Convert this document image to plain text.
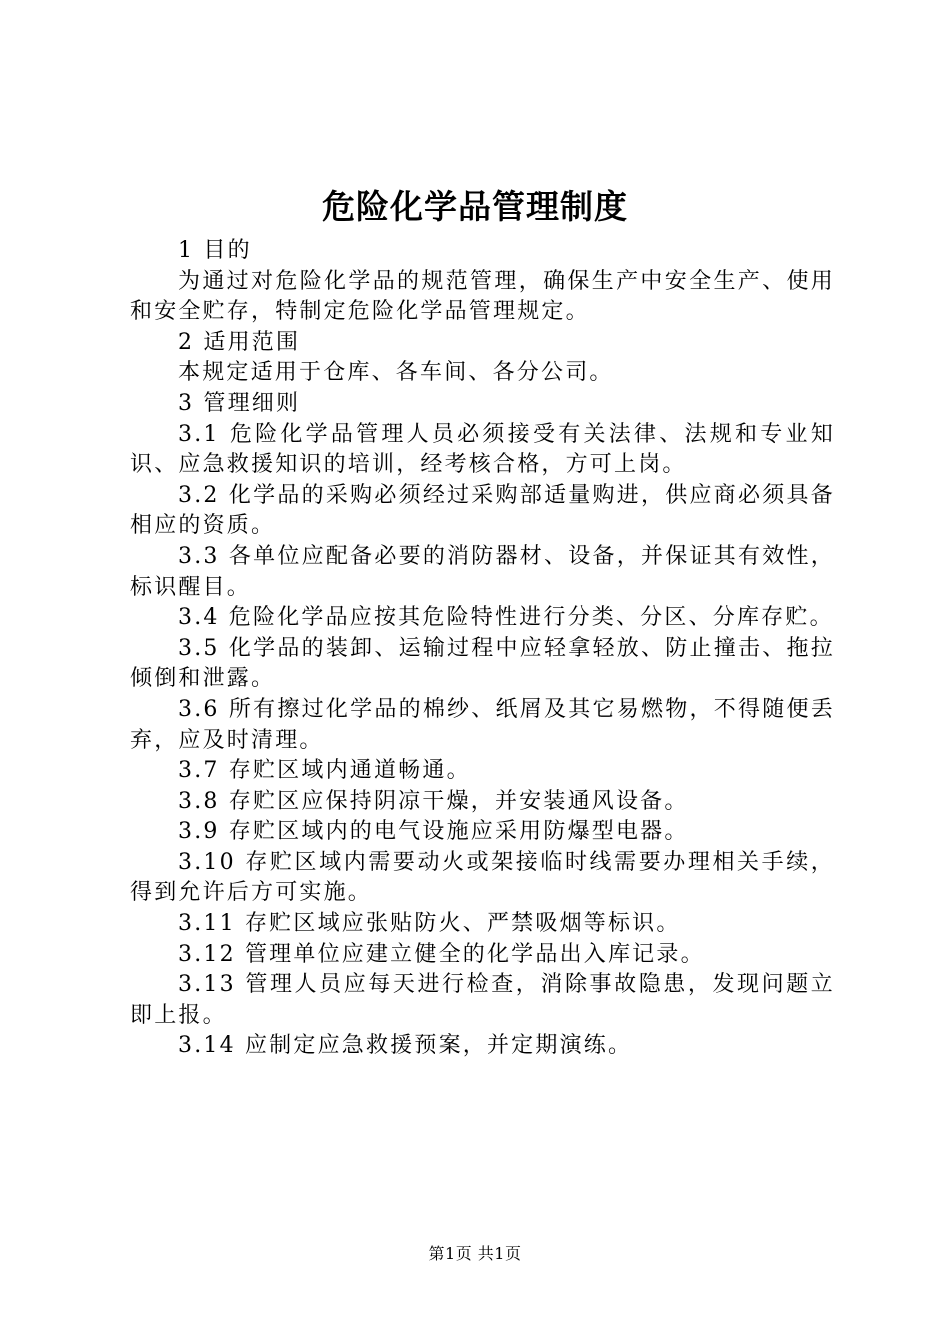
危险化学品管理制度

1 目的

为通过对危险化学品的规范管理，确保生产中安全生产、使用和安全贮存，特制定危险化学品管理规定。

2 适用范围

本规定适用于仓库、各车间、各分公司。

3 管理细则

3.1 危险化学品管理人员必须接受有关法律、法规和专业知识、应急救援知识的培训，经考核合格，方可上岗。

3.2 化学品的采购必须经过采购部适量购进，供应商必须具备相应的资质。

3.3 各单位应配备必要的消防器材、设备，并保证其有效性，标识醒目。

3.4 危险化学品应按其危险特性进行分类、分区、分库存贮。

3.5 化学品的装卸、运输过程中应轻拿轻放、防止撞击、拖拉倾倒和泄露。

3.6 所有擦过化学品的棉纱、纸屑及其它易燃物，不得随便丢弃，应及时清理。

3.7 存贮区域内通道畅通。

3.8 存贮区应保持阴凉干燥，并安装通风设备。

3.9 存贮区域内的电气设施应采用防爆型电器。

3.10 存贮区域内需要动火或架接临时线需要办理相关手续，得到允许后方可实施。

3.11 存贮区域应张贴防火、严禁吸烟等标识。

3.12 管理单位应建立健全的化学品出入库记录。

3.13 管理人员应每天进行检查，消除事故隐患，发现问题立即上报。

3.14 应制定应急救援预案，并定期演练。

第1页 共1页
